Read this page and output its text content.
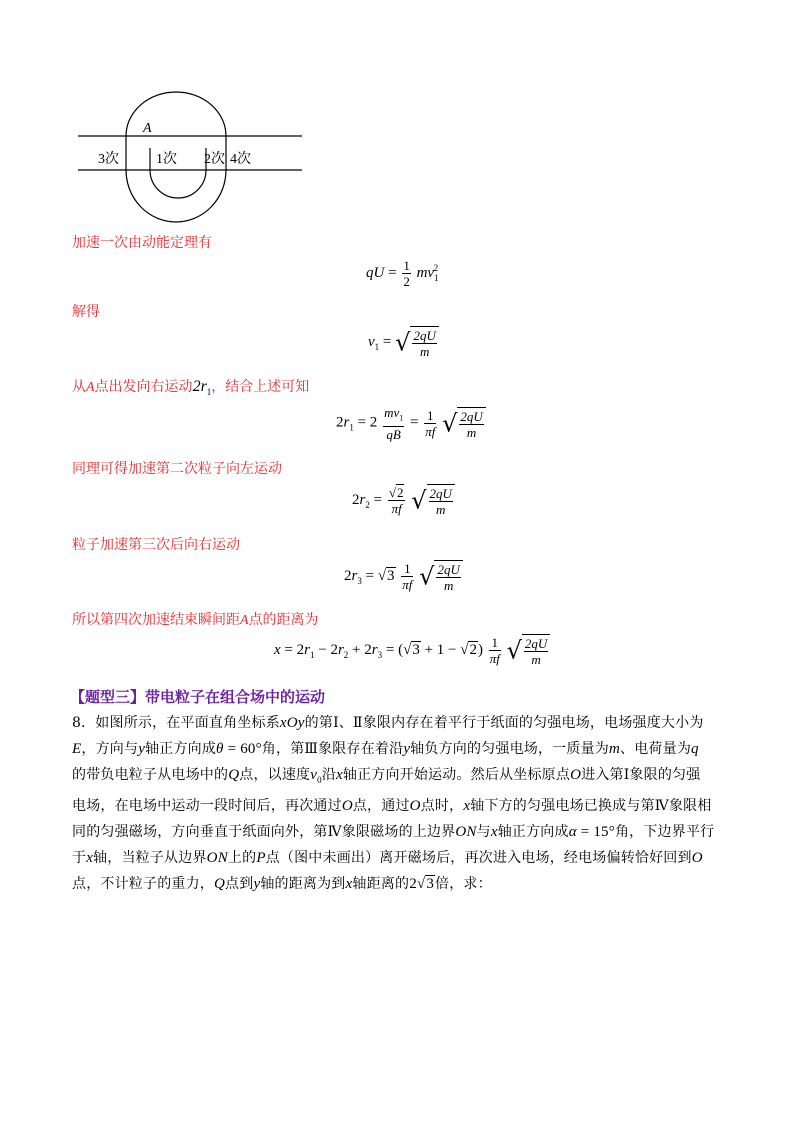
A
1次 2次
3次	4次
加速一次由动能定理有
qU = $\frac{1}{2} mv_1^2$
解得
$v_1$ = √ $\frac{2qU}{m}$
从A点出发向右运动$2r_1$，结合上述可知
$2r_1 = 2 \frac{mv_1}{qB} = \frac{1}{\pi f}$ √ $\frac{2qU}{m}$
同理可得加速第二次粒子向左运动
$2r_2 = \frac{√2}{\pi f}$ √ $\frac{2qU}{m}$
粒子加速第三次后向右运动
$2r_3 = √3 \frac{1}{\pi f}$ √ $\frac{2qU}{m}$
所以第四次加速结束瞬间距A点的距离为
$x = 2r_1 - 2r_2 + 2r_3 = (√3 + 1 - √2) \frac{1}{\pi f}$ √ $\frac{2qU}{m}$
【题型三】带电粒子在组合场中的运动
8．如图所示，在平面直角坐标系xOy的第Ⅰ、Ⅱ象限内存在着平行于纸面的匀强电场，电场强度大小为
E，方向与y轴正方向成θ = 60°角，第Ⅲ象限存在着沿y轴负方向的匀强电场，一质量为m、电荷量为q
的带负电粒子从电场中的Q点，以速度$v_0$沿x轴正方向开始运动。然后从坐标原点O进入第Ⅰ象限的匀强
电场，在电场中运动一段时间后，再次通过O点，通过O点时，x轴下方的匀强电场已换成与第Ⅳ象限相
同的匀强磁场，方向垂直于纸面向外，第Ⅳ象限磁场的上边界ON与x轴正方向成α = 15°角，下边界平行
于x轴，当粒子从边界ON上的P点（图中未画出）离开磁场后，再次进入电场，经电场偏转恰好回到O
点，不计粒子的重力，Q点到y轴的距离为到x轴距离的2√3倍，求：
